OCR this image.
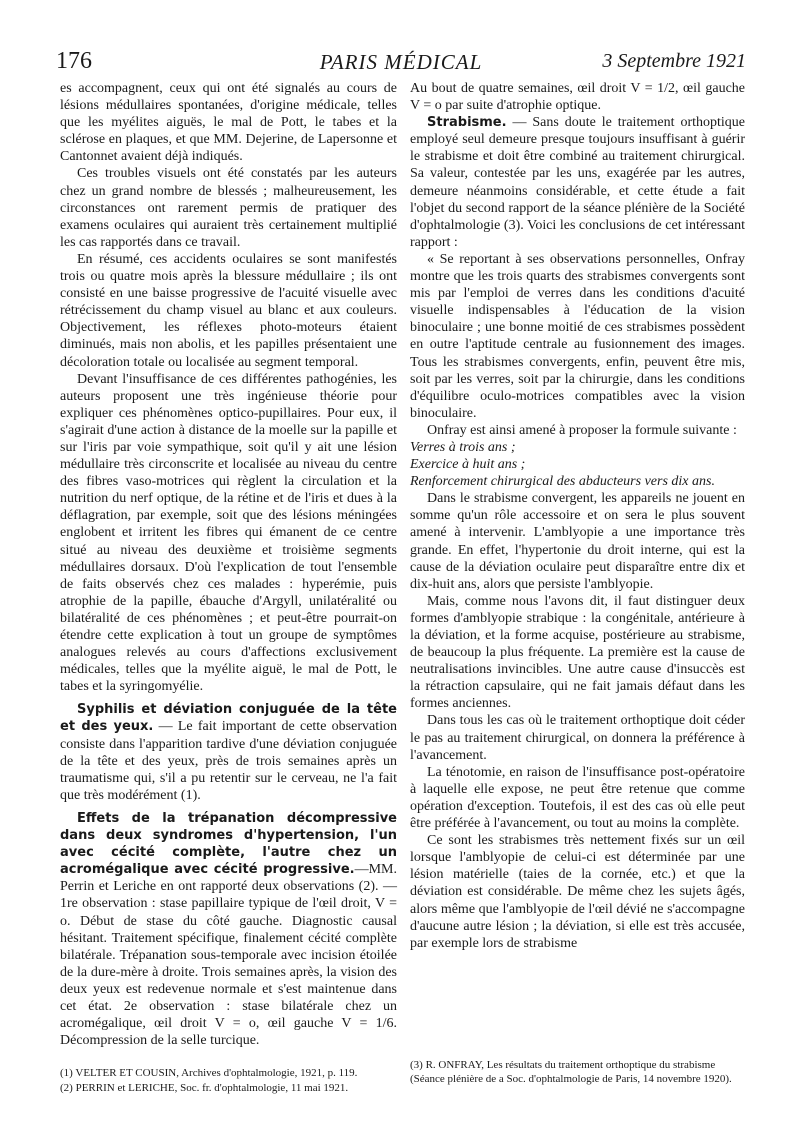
176	PARIS MÉDICAL	3 Septembre 1921

es accompagnent, ceux qui ont été signalés au cours de lésions médullaires spontanées, d'origine médicale, telles que les myélites aiguës, le mal de Pott, le tabes et la sclérose en plaques, et que MM. Dejerine, de Lapersonne et Cantonnet avaient déjà indiqués.

Ces troubles visuels ont été constatés par les auteurs chez un grand nombre de blessés ; malheureusement, les circonstances ont rarement permis de pratiquer des examens oculaires qui auraient très certainement multiplié les cas rapportés dans ce travail.

En résumé, ces accidents oculaires se sont manifestés trois ou quatre mois après la blessure médullaire ; ils ont consisté en une baisse progressive de l'acuité visuelle avec rétrécissement du champ visuel au blanc et aux couleurs. Objectivement, les réflexes photo-moteurs étaient diminués, mais non abolis, et les papilles présentaient une décoloration totale ou localisée au segment temporal.

Devant l'insuffisance de ces différentes pathogénies, les auteurs proposent une très ingénieuse théorie pour expliquer ces phénomènes optico-pupillaires. Pour eux, il s'agirait d'une action à distance de la moelle sur la papille et sur l'iris par voie sympathique, soit qu'il y ait une lésion médullaire très circonscrite et localisée au niveau du centre des fibres vaso-motrices qui règlent la circulation et la nutrition du nerf optique, de la rétine et de l'iris et dues à la déflagration, par exemple, soit que des lésions méningées englobent et irritent les fibres qui émanent de ce centre situé au niveau des deuxième et troisième segments médullaires dorsaux. D'où l'explication de tout l'ensemble de faits observés chez ces malades : hyperémie, puis atrophie de la papille, ébauche d'Argyll, unilatéralité ou bilatéralité de ces phénomènes ; et peut-être pourrait-on étendre cette explication à tout un groupe de symptômes analogues relevés au cours d'affections exclusivement médicales, telles que la myélite aiguë, le mal de Pott, le tabes et la syringomyélie.

Syphilis et déviation conjuguée de la tête et des yeux. — Le fait important de cette observation consiste dans l'apparition tardive d'une déviation conjuguée de la tête et des yeux, près de trois semaines après un traumatisme qui, s'il a pu retentir sur le cerveau, ne l'a fait que très modérément (1).

Effets de la trépanation décompressive dans deux syndromes d'hypertension, l'un avec cécité complète, l'autre chez un acromégalique avec cécité progressive.—MM. Perrin et Leriche en ont rapporté deux observations (2). — 1re observation : stase papillaire typique de l'œil droit, V = o. Début de stase du côté gauche. Diagnostic causal hésitant. Traitement spécifique, finalement cécité complète bilatérale. Trépanation sous-temporale avec incision étoilée de la dure-mère à droite. Trois semaines après, la vision des deux yeux est redevenue normale et s'est maintenue dans cet état. 2e observation : stase bilatérale chez un acromégalique, œil droit V = o, œil gauche V = 1/6. Décompression de la selle turcique.

(1) VELTER ET COUSIN, Archives d'ophtalmologie, 1921, p. 119.
(2) PERRIN et LERICHE, Soc. fr. d'ophtalmologie, 11 mai 1921.

Au bout de quatre semaines, œil droit V = 1/2, œil gauche V = o par suite d'atrophie optique.

Strabisme. — Sans doute le traitement orthoptique employé seul demeure presque toujours insuffisant à guérir le strabisme et doit être combiné au traitement chirurgical. Sa valeur, contestée par les uns, exagérée par les autres, demeure néanmoins considérable, et cette étude a fait l'objet du second rapport de la séance plénière de la Société d'ophtalmologie (3). Voici les conclusions de cet intéressant rapport :

« Se reportant à ses observations personnelles, Onfray montre que les trois quarts des strabismes convergents sont mis par l'emploi de verres dans les conditions d'acuité visuelle indispensables à l'éducation de la vision binoculaire ; une bonne moitié de ces strabismes possèdent en outre l'aptitude centrale au fusionnement des images. Tous les strabismes convergents, enfin, peuvent être mis, soit par les verres, soit par la chirurgie, dans les conditions d'équilibre oculo-motrices compatibles avec la vision binoculaire.

Onfray est ainsi amené à proposer la formule suivante :

Verres à trois ans ;

Exercice à huit ans ;

Renforcement chirurgical des abducteurs vers dix ans.

Dans le strabisme convergent, les appareils ne jouent en somme qu'un rôle accessoire et on sera le plus souvent amené à intervenir. L'amblyopie a une importance très grande. En effet, l'hypertonie du droit interne, qui est la cause de la déviation oculaire peut disparaître entre dix et dix-huit ans, alors que persiste l'amblyopie.

Mais, comme nous l'avons dit, il faut distinguer deux formes d'amblyopie strabique : la congénitale, antérieure à la déviation, et la forme acquise, postérieure au strabisme, de beaucoup la plus fréquente. La première est la cause de neutralisations invincibles. Une autre cause d'insuccès est la rétraction capsulaire, qui ne fait jamais défaut dans les formes anciennes.

Dans tous les cas où le traitement orthoptique doit céder le pas au traitement chirurgical, on donnera la préférence à l'avancement.

La ténotomie, en raison de l'insuffisance post-opératoire à laquelle elle expose, ne peut être retenue que comme opération d'exception. Toutefois, il est des cas où elle peut être préférée à l'avancement, ou tout au moins la complète.

Ce sont les strabismes très nettement fixés sur un œil lorsque l'amblyopie de celui-ci est déterminée par une lésion matérielle (taies de la cornée, etc.) et que la déviation est considérable. De même chez les sujets âgés, alors même que l'amblyopie de l'œil dévié ne s'accompagne d'aucune autre lésion ; la déviation, si elle est très accusée, par exemple lors de strabisme

(3) R. ONFRAY, Les résultats du traitement orthoptique du strabisme (Séance plénière de a Soc. d'ophtalmologie de Paris, 14 novembre 1920).
